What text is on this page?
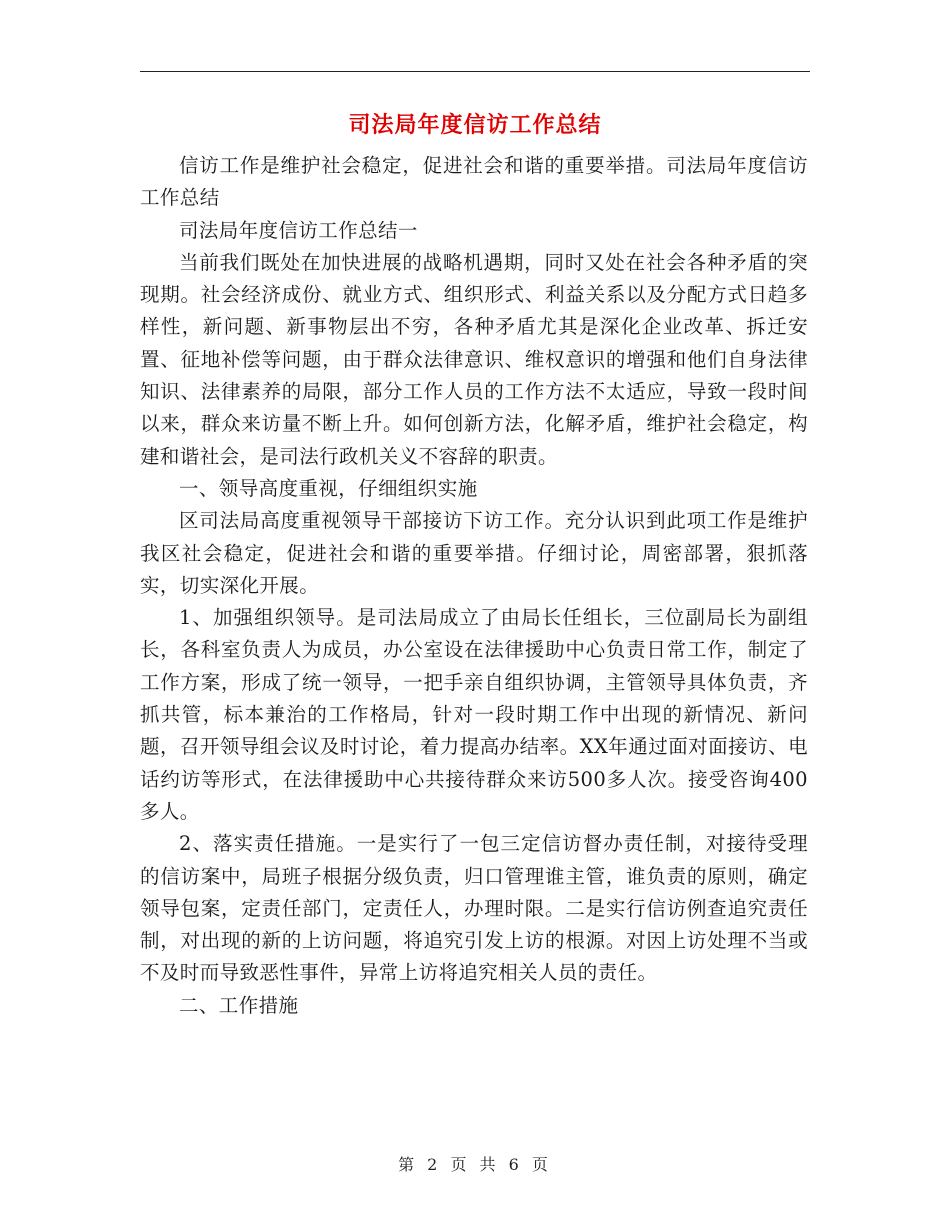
司法局年度信访工作总结

信访工作是维护社会稳定，促进社会和谐的重要举措。司法局年度信访工作总结

司法局年度信访工作总结一

当前我们既处在加快进展的战略机遇期，同时又处在社会各种矛盾的突现期。社会经济成份、就业方式、组织形式、利益关系以及分配方式日趋多样性，新问题、新事物层出不穷，各种矛盾尤其是深化企业改革、拆迁安置、征地补偿等问题，由于群众法律意识、维权意识的增强和他们自身法律知识、法律素养的局限，部分工作人员的工作方法不太适应，导致一段时间以来，群众来访量不断上升。如何创新方法，化解矛盾，维护社会稳定，构建和谐社会，是司法行政机关义不容辞的职责。

一、领导高度重视，仔细组织实施

区司法局高度重视领导干部接访下访工作。充分认识到此项工作是维护我区社会稳定，促进社会和谐的重要举措。仔细讨论，周密部署，狠抓落实，切实深化开展。

1、加强组织领导。是司法局成立了由局长任组长，三位副局长为副组长，各科室负责人为成员，办公室设在法律援助中心负责日常工作，制定了工作方案，形成了统一领导，一把手亲自组织协调，主管领导具体负责，齐抓共管，标本兼治的工作格局，针对一段时期工作中出现的新情况、新问题，召开领导组会议及时讨论，着力提高办结率。XX年通过面对面接访、电话约访等形式，在法律援助中心共接待群众来访500多人次。接受咨询400多人。

2、落实责任措施。一是实行了一包三定信访督办责任制，对接待受理的信访案中，局班子根据分级负责，归口管理谁主管，谁负责的原则，确定领导包案，定责任部门，定责任人，办理时限。二是实行信访例查追究责任制，对出现的新的上访问题，将追究引发上访的根源。对因上访处理不当或不及时而导致恶性事件，异常上访将追究相关人员的责任。

二、工作措施

第 2 页 共 6 页
